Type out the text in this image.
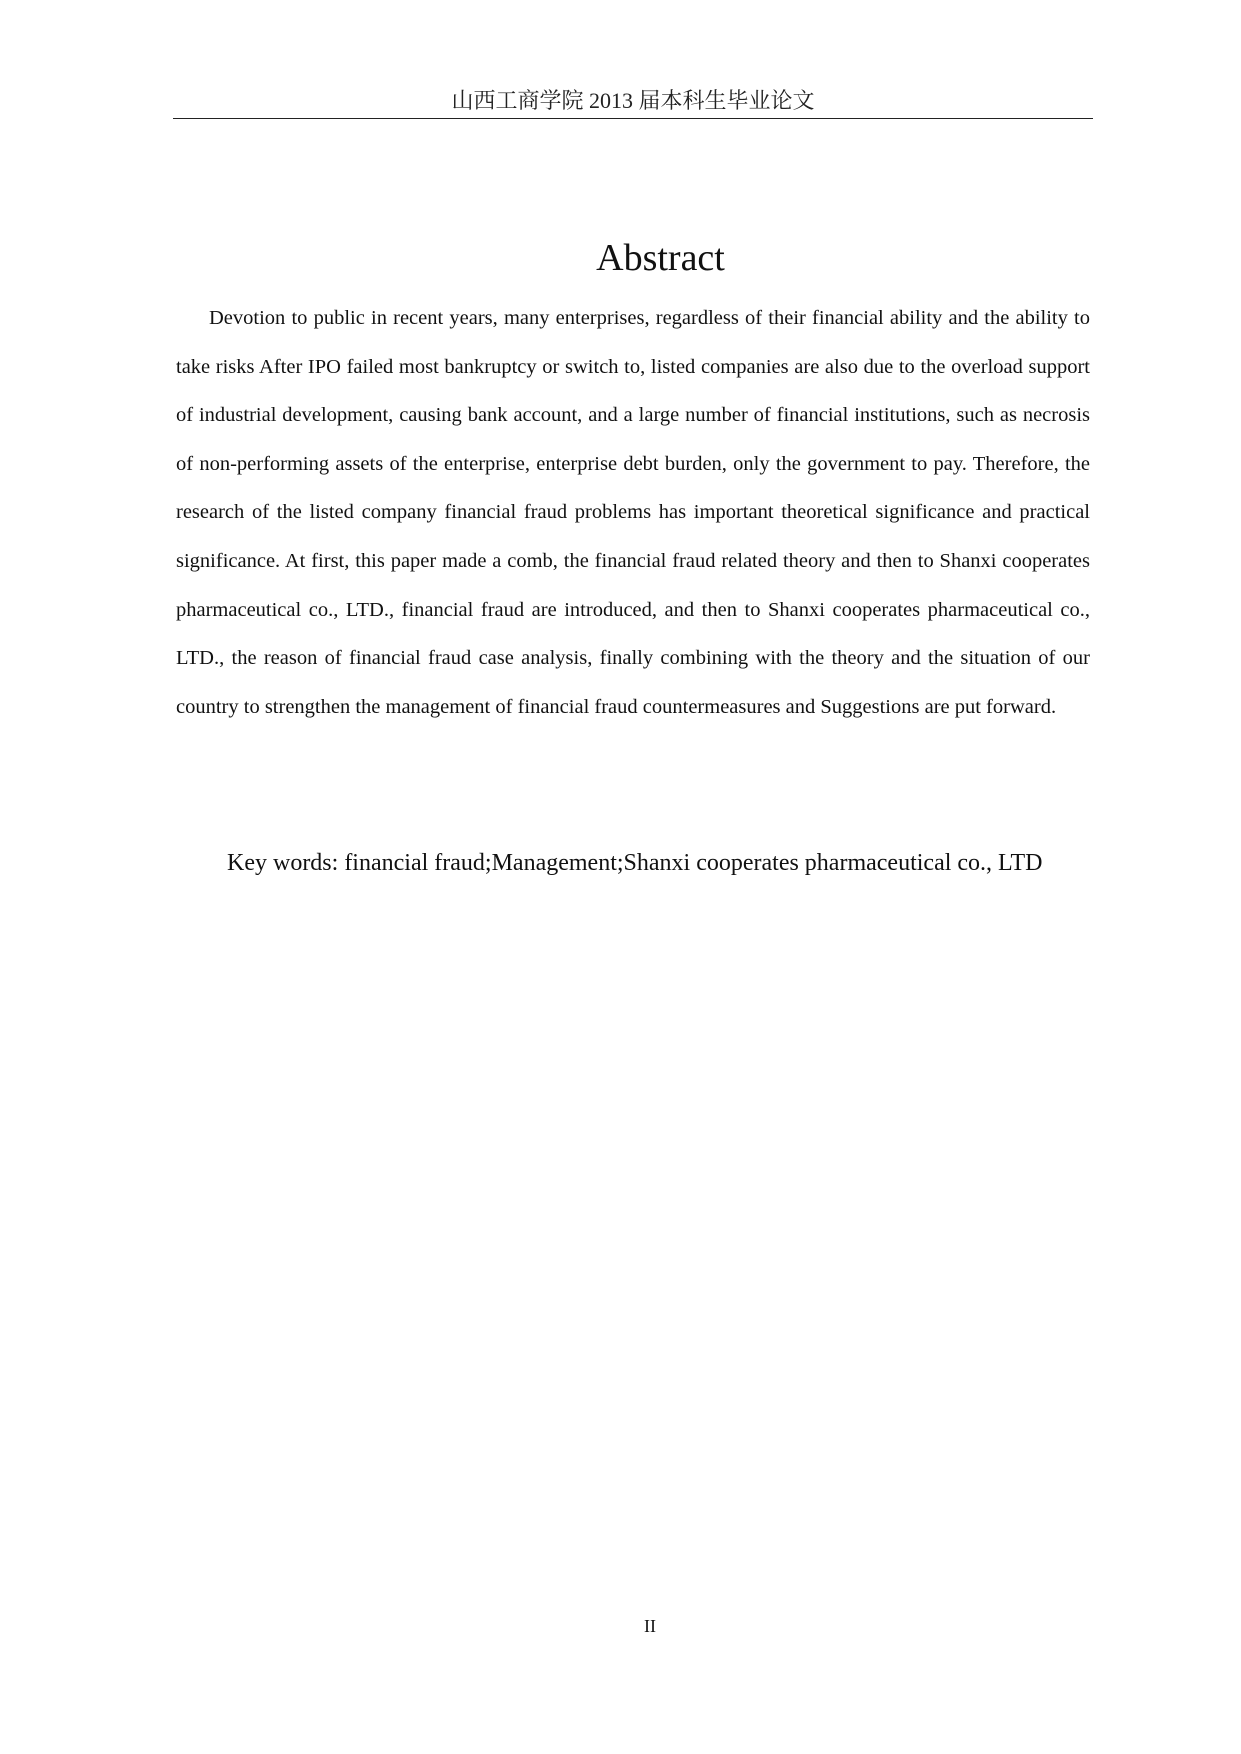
山西工商学院 2013 届本科生毕业论文
Abstract

Devotion to public in recent years, many enterprises, regardless of their financial ability and the ability to take risks After IPO failed most bankruptcy or switch to, listed companies are also due to the overload support of industrial development, causing bank account, and a large number of financial institutions, such as necrosis of non-performing assets of the enterprise, enterprise debt burden, only the government to pay. Therefore, the research of the listed company financial fraud problems has important theoretical significance and practical significance. At first, this paper made a comb, the financial fraud related theory and then to Shanxi cooperates pharmaceutical co., LTD., financial fraud are introduced, and then to Shanxi cooperates pharmaceutical co., LTD., the reason of financial fraud case analysis, finally combining with the theory and the situation of our country to strengthen the management of financial fraud countermeasures and Suggestions are put forward.

Key words: financial fraud;Management;Shanxi cooperates pharmaceutical co., LTD
II
